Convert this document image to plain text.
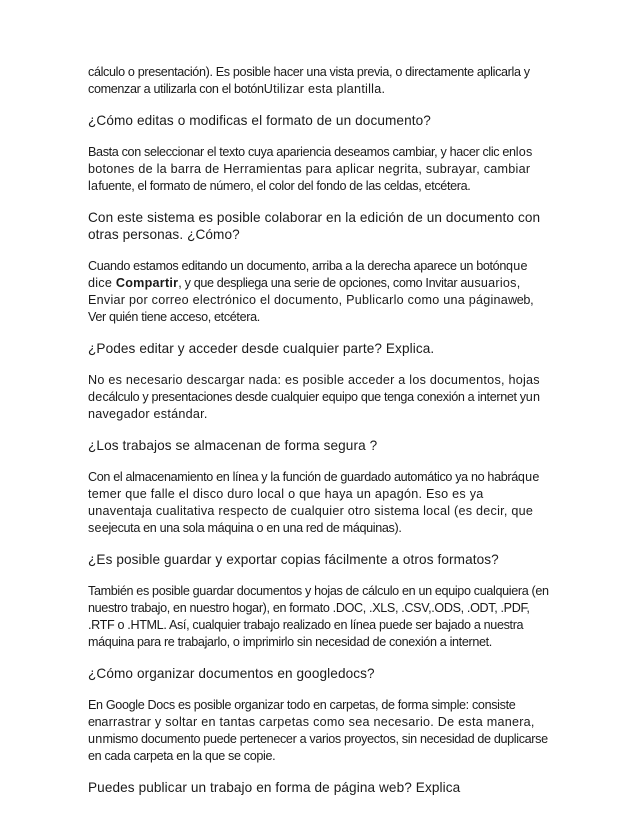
cálculo o presentación). Es posible hacer una vista previa, o directamente aplicarla y comenzar a utilizarla con el botónUtilizar esta plantilla.

¿Cómo editas o modificas el formato de un documento?

Basta con seleccionar el texto cuya apariencia deseamos cambiar, y hacer clic enlos botones de la barra de Herramientas para aplicar negrita, subrayar, cambiar lafuente, el formato de número, el color del fondo de las celdas, etcétera.

Con este sistema es posible colaborar en la edición de un documento con otras personas. ¿Cómo?

Cuando estamos editando un documento, arriba a la derecha aparece un botónque dice Compartir, y que despliega una serie de opciones, como Invitar ausuarios, Enviar por correo electrónico el documento, Publicarlo como una páginaweb, Ver quién tiene acceso, etcétera.

¿Podes editar y acceder desde cualquier parte? Explica.

No es necesario descargar nada: es posible acceder a los documentos, hojas decálculo y presentaciones desde cualquier equipo que tenga conexión a internet yun navegador estándar.

¿Los trabajos se almacenan de forma segura ?

Con el almacenamiento en línea y la función de guardado automático ya no habráque temer que falle el disco duro local o que haya un apagón. Eso es ya unaventaja cualitativa respecto de cualquier otro sistema local (es decir, que seejecuta en una sola máquina o en una red de máquinas).

¿Es posible guardar y exportar copias fácilmente a otros formatos?

También es posible guardar documentos y hojas de cálculo en un equipo cualquiera (en nuestro trabajo, en nuestro hogar), en formato .DOC, .XLS, .CSV,.ODS, .ODT, .PDF, .RTF o .HTML. Así, cualquier trabajo realizado en línea puede ser bajado a nuestra máquina para re trabajarlo, o imprimirlo sin necesidad de conexión a internet.

¿Cómo organizar documentos en googledocs?

En Google Docs es posible organizar todo en carpetas, de forma simple: consiste enarrastrar y soltar en tantas carpetas como sea necesario. De esta manera, unmismo documento puede pertenecer a varios proyectos, sin necesidad de duplicarse en cada carpeta en la que se copie.

Puedes publicar un trabajo en forma de página web? Explica
